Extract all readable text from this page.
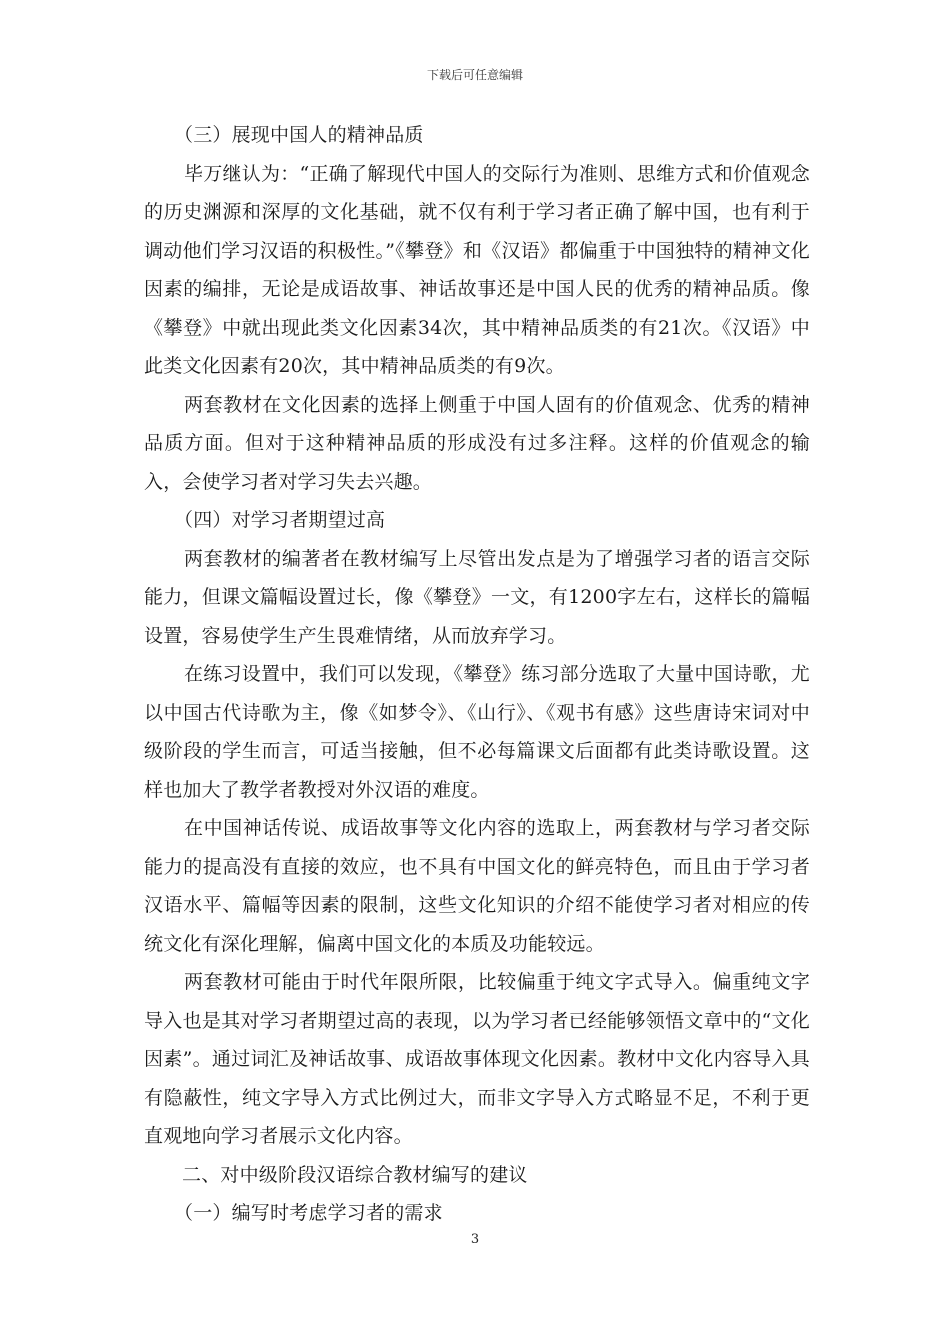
下载后可任意编辑

（三）展现中国人的精神品质

毕万继认为：“正确了解现代中国人的交际行为准则、思维方式和价值观念的历史渊源和深厚的文化基础，就不仅有利于学习者正确了解中国，也有利于调动他们学习汉语的积极性。”《攀登》和《汉语》都偏重于中国独特的精神文化因素的编排，无论是成语故事、神话故事还是中国人民的优秀的精神品质。像《攀登》中就出现此类文化因素34次，其中精神品质类的有21次。《汉语》中此类文化因素有20次，其中精神品质类的有9次。

两套教材在文化因素的选择上侧重于中国人固有的价值观念、优秀的精神品质方面。但对于这种精神品质的形成没有过多注释。这样的价值观念的输入，会使学习者对学习失去兴趣。

（四）对学习者期望过高

两套教材的编著者在教材编写上尽管出发点是为了增强学习者的语言交际能力，但课文篇幅设置过长，像《攀登》一文，有1200字左右，这样长的篇幅设置，容易使学生产生畏难情绪，从而放弃学习。

在练习设置中，我们可以发现，《攀登》练习部分选取了大量中国诗歌，尤以中国古代诗歌为主，像《如梦令》、《山行》、《观书有感》这些唐诗宋词对中级阶段的学生而言，可适当接触，但不必每篇课文后面都有此类诗歌设置。这样也加大了教学者教授对外汉语的难度。

在中国神话传说、成语故事等文化内容的选取上，两套教材与学习者交际能力的提高没有直接的效应，也不具有中国文化的鲜亮特色，而且由于学习者汉语水平、篇幅等因素的限制，这些文化知识的介绍不能使学习者对相应的传统文化有深化理解，偏离中国文化的本质及功能较远。

两套教材可能由于时代年限所限，比较偏重于纯文字式导入。偏重纯文字导入也是其对学习者期望过高的表现，以为学习者已经能够领悟文章中的“文化因素”。通过词汇及神话故事、成语故事体现文化因素。教材中文化内容导入具有隐蔽性，纯文字导入方式比例过大，而非文字导入方式略显不足，不利于更直观地向学习者展示文化内容。

二、对中级阶段汉语综合教材编写的建议

（一）编写时考虑学习者的需求

3
